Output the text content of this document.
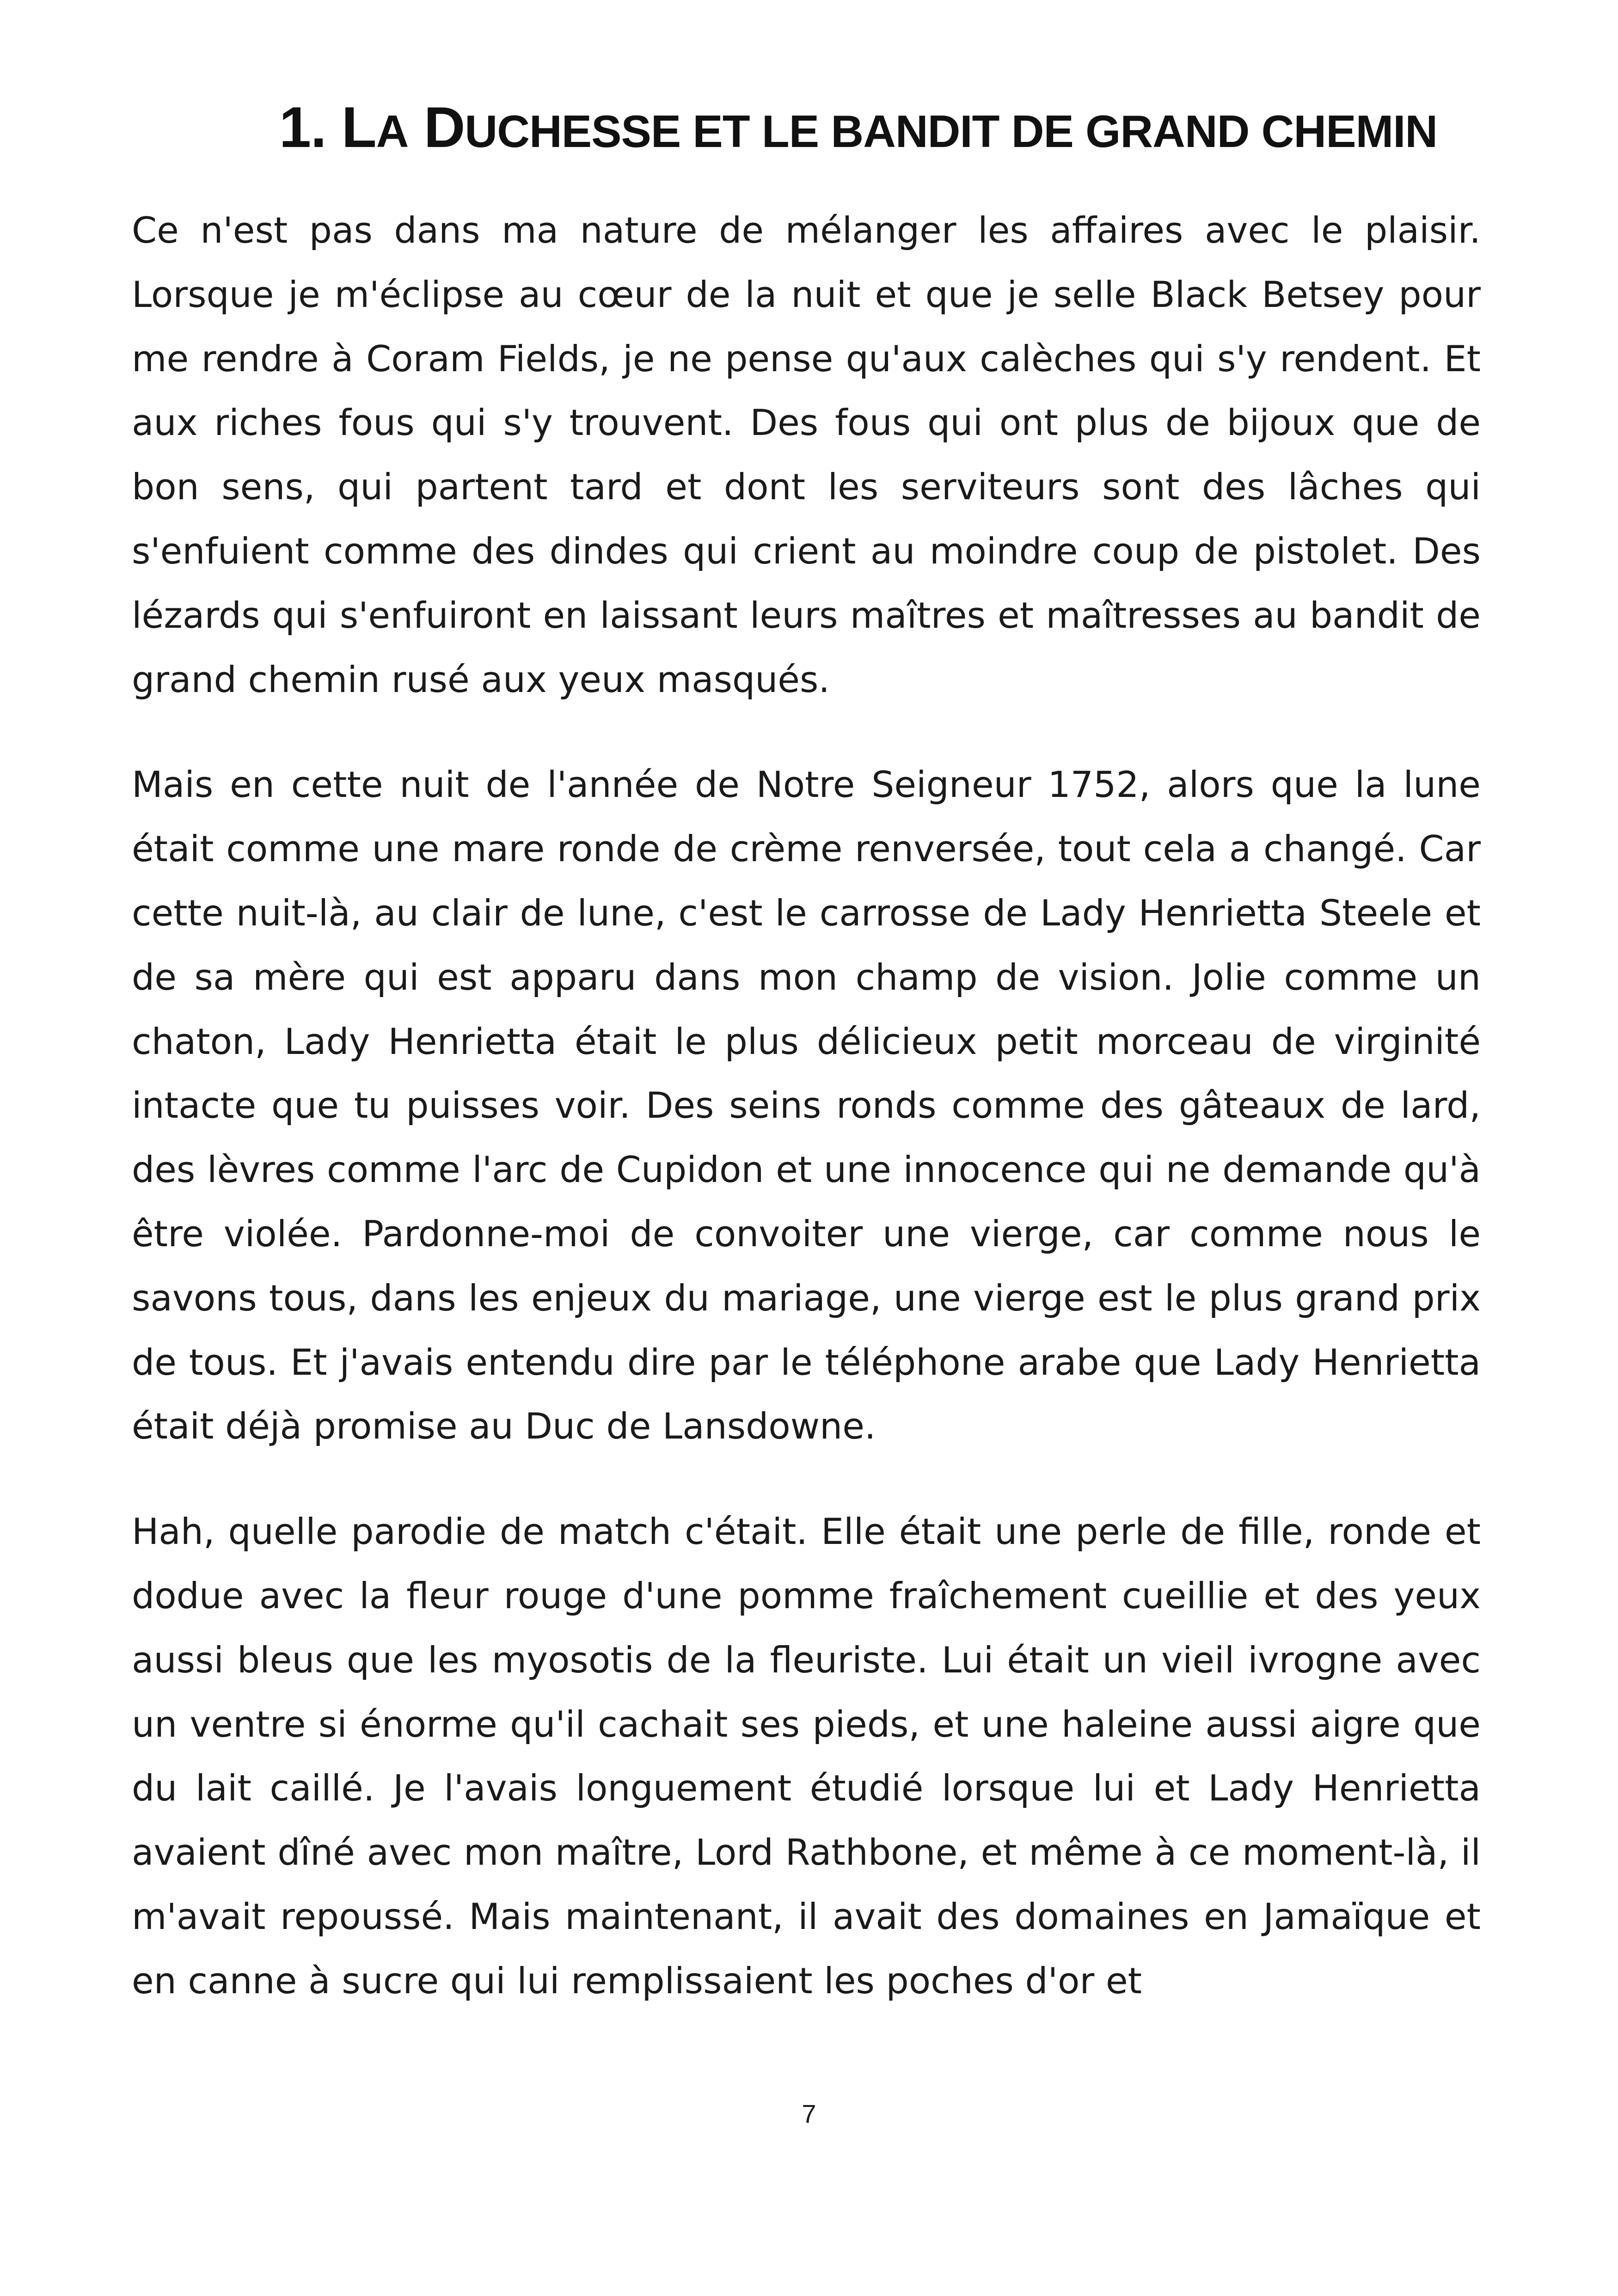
1. LA DUCHESSE ET LE BANDIT DE GRAND CHEMIN

Ce n'est pas dans ma nature de mélanger les affaires avec le plaisir. Lorsque je m'éclipse au cœur de la nuit et que je selle Black Betsey pour me rendre à Coram Fields, je ne pense qu'aux calèches qui s'y rendent. Et aux riches fous qui s'y trouvent. Des fous qui ont plus de bijoux que de bon sens, qui partent tard et dont les serviteurs sont des lâches qui s'enfuient comme des dindes qui crient au moindre coup de pistolet. Des lézards qui s'enfuiront en laissant leurs maîtres et maîtresses au bandit de grand chemin rusé aux yeux masqués.

Mais en cette nuit de l'année de Notre Seigneur 1752, alors que la lune était comme une mare ronde de crème renversée, tout cela a changé. Car cette nuit-là, au clair de lune, c'est le carrosse de Lady Henrietta Steele et de sa mère qui est apparu dans mon champ de vision. Jolie comme un chaton, Lady Henrietta était le plus délicieux petit morceau de virginité intacte que tu puisses voir. Des seins ronds comme des gâteaux de lard, des lèvres comme l'arc de Cupidon et une innocence qui ne demande qu'à être violée. Pardonne-moi de convoiter une vierge, car comme nous le savons tous, dans les enjeux du mariage, une vierge est le plus grand prix de tous. Et j'avais entendu dire par le téléphone arabe que Lady Henrietta était déjà promise au Duc de Lansdowne.

Hah, quelle parodie de match c'était. Elle était une perle de fille, ronde et dodue avec la fleur rouge d'une pomme fraîchement cueillie et des yeux aussi bleus que les myosotis de la fleuriste. Lui était un vieil ivrogne avec un ventre si énorme qu'il cachait ses pieds, et une haleine aussi aigre que du lait caillé. Je l'avais longuement étudié lorsque lui et Lady Henrietta avaient dîné avec mon maître, Lord Rathbone, et même à ce moment-là, il m'avait repoussé. Mais maintenant, il avait des domaines en Jamaïque et en canne à sucre qui lui remplissaient les poches d'or et

7
